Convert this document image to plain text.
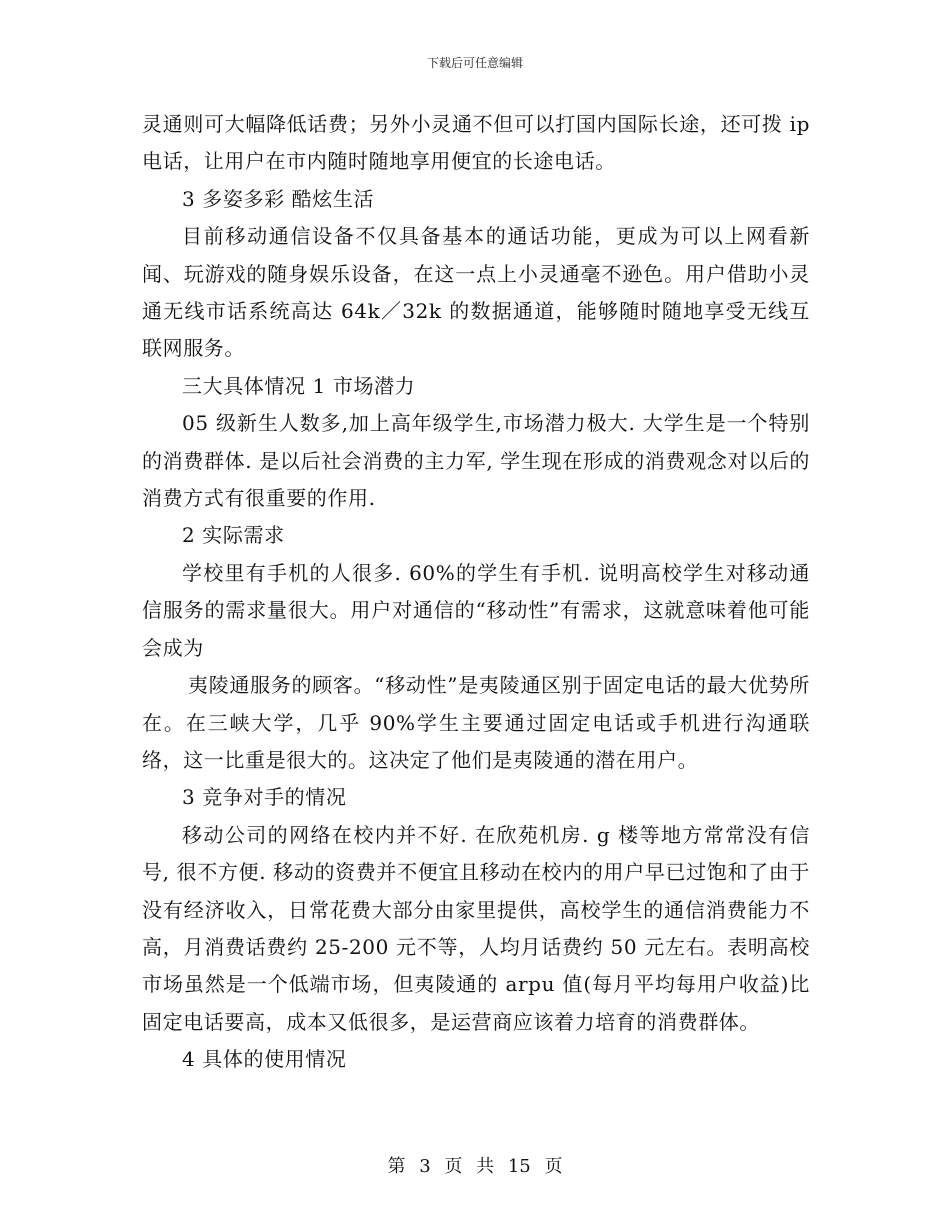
下载后可任意编辑

灵通则可大幅降低话费；另外小灵通不但可以打国内国际长途，还可拨 ip 电话，让用户在市内随时随地享用便宜的长途电话。

3 多姿多彩 酷炫生活

目前移动通信设备不仅具备基本的通话功能，更成为可以上网看新闻、玩游戏的随身娱乐设备，在这一点上小灵通毫不逊色。用户借助小灵通无线市话系统高达 64k／32k 的数据通道，能够随时随地享受无线互联网服务。

三大具体情况 1 市场潜力

05 级新生人数多,加上高年级学生,市场潜力极大. 大学生是一个特别的消费群体. 是以后社会消费的主力军, 学生现在形成的消费观念对以后的消费方式有很重要的作用.

2 实际需求

学校里有手机的人很多. 60%的学生有手机. 说明高校学生对移动通信服务的需求量很大。用户对通信的“移动性”有需求，这就意味着他可能会成为

夷陵通服务的顾客。“移动性”是夷陵通区别于固定电话的最大优势所在。在三峡大学，几乎 90%学生主要通过固定电话或手机进行沟通联络，这一比重是很大的。这决定了他们是夷陵通的潜在用户。

3 竞争对手的情况

移动公司的网络在校内并不好. 在欣苑机房. g 楼等地方常常没有信号, 很不方便. 移动的资费并不便宜且移动在校内的用户早已过饱和了由于没有经济收入，日常花费大部分由家里提供，高校学生的通信消费能力不高，月消费话费约 25-200 元不等，人均月话费约 50 元左右。表明高校市场虽然是一个低端市场，但夷陵通的 arpu 值(每月平均每用户收益)比固定电话要高，成本又低很多，是运营商应该着力培育的消费群体。

4 具体的使用情况

第 3 页 共 15 页
